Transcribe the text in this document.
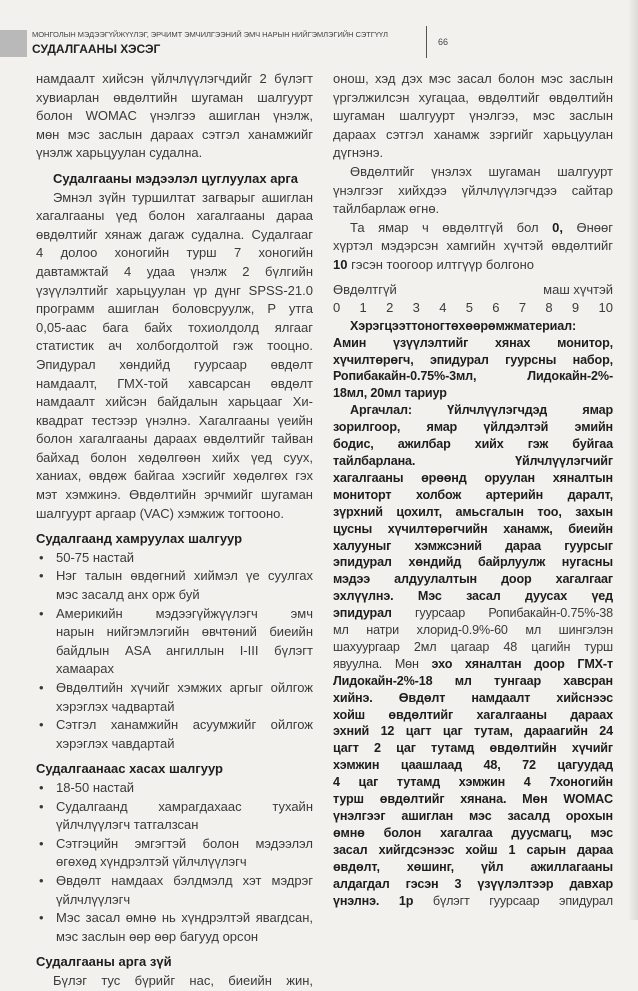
МОНГОЛЫН МЭДЭЭГҮЙЖҮҮЛЭГ, ЭРЧИМТ ЭМЧИЛГЭЭНИЙ ЭМЧ НАРЫН НИЙГЭМЛЭГИЙН СЭТГҮҮЛ
СУДАЛГААНЫ ХЭСЭГ	66
намдаалт хийсэн үйлчлүүлэгчдийг 2 бүлэгт
хувиарлан өвдөлтийн шугаман шалгуурт
болон WOMAC үнэлгээ ашиглан үнэлж,
мөн мэс заслын дараах сэтгэл ханамжийг
үнэлж харьцуулан судална.
Судалгааны мэдээлэл цуглуулах арга
Эмнэл зүйн туршилтат загварыг ашиглан
хагалгааны үед болон хагалгааны дараа
өвдөлтийг хянаж дагаж судална. Судалгааг
4 долоо хоногийн турш 7 хоногийн
давтамжтай 4 удаа үнэлж 2 бүлгийн
үзүүлэлтийг харьцуулан үр дүнг SPSS-21.0
программ ашиглан боловсруулж, P утга
0,05-аас бага байх тохиолдолд ялгааг
статистик ач холбогдолтой гэж тооцно.
Эпидурал хөндийд гуурсаар өвдөлт
намдаалт, ГМХ-той хавсарсан өвдөлт
намдаалт хийсэн байдалын харьцааг Хи-
квадрат тестээр үнэлнэ. Хагалгааны үеийн
болон хагалгааны дараах өвдөлтийг тайван
байхад болон хөдөлгөөн хийх үед суух,
ханиах, өвдөж байгаа хэсгийг хөдөлгөх гэх
мэт хэмжинэ. Өвдөлтийн эрчмийг шугаман
шалгуурт аргаар (VAC) хэмжиж тогтооно.
Судалгаанд хамруулах шалгуур
• 50-75 настай
• Нэг талын өвдөгний хиймэл үе суулгах
мэс засалд анх орж буй
• Америкийн мэдээгүйжүүлэгч эмч
нарын нийгэмлэгийн өвчтөний биеийн
байдлын ASA ангиллын I-III бүлэгт
хамаарах
• Өвдөлтийн хүчийг хэмжих аргыг ойлгож
хэрэглэх чадвартай
• Сэтгэл ханамжийн асуумжийг ойлгож
хэрэглэх чавдартай
Судалгаанаас хасах шалгуур
• 18-50 настай
• Судалгаанд хамрагдахаас тухайн
үйлчлүүлэгч татгалзсан
• Сэтгэцийн эмгэгтэй болон мэдээлэл
өгөхөд хүндрэлтэй үйлчлүүлэгч
• Өвдөлт намдаах бэлдмэлд хэт мэдрэг
үйлчлүүлэгч
• Мэс засал өмнө нь хүндрэлтэй явагдсан,
мэс заслын өөр өөр багууд орсон
Судалгааны арга зүй
Бүлэг тус бүрийг нас, биеийн жин,
онош, хэд дэх мэс засал болон мэс заслын
үргэлжилсэн хугацаа, өвдөлтийг өвдөлтийн
шугаман шалгуурт үнэлгээ, мэс заслын
дараах сэтгэл ханамж зэргийг харьцуулан
дүгнэнэ.
Өвдөлтийг үнэлэх шугаман шалгуурт
үнэлгээг хийхдээ үйлчлүүлэгчдээ сайтар
тайлбарлаж өгнө.
Та ямар ч өвдөлтгүй бол 0, Өнөөг
хүртэл мэдэрсэн хамгийн хүчтэй өвдөлтийг
10 гэсэн тоогоор илтгүүр болгоно
Өвдөлтгүй	маш хүчтэй
0 1 2 3 4 5 6 7 8 9 10
Хэрэгцээттоногтөхөөрөмжматериал:
Амин үзүүлэлтийг хянах монитор,
хүчилтөрөгч, эпидурал гуурсны набор,
Ропибакайн-0.75%-3мл, Лидокайн-2%-
18мл, 20мл тариур
Аргачлал: Үйлчлүүлэгчдэд ямар
зорилгоор, ямар үйлдэлтэй эмийн
бодис, ажилбар хийх гэж буйгаа
тайлбарлана. Үйлчлүүлэгчийг
хагалгааны өрөөнд оруулан хяналтын
мониторт холбож артерийн даралт,
зүрхний цохилт, амьсгалын тоо, захын
цусны хүчилтөрөгчийн ханамж, биеийн
халууныг хэмжсэний дараа гуурсыг
эпидурал хөндийд байрлуулж нугасны
мэдээ алдуулалтын доор хагалгааг
эхлүүлнэ. Мэс засал дуусах үед
эпидурал гуурсаар Ропибакайн-0.75%-38
мл натри хлорид-0.9%-60 мл шингэлэн
шахуургаар 2мл цагаар 48 цагийн турш
явуулна. Мөн эхо хяналтан доор ГМХ-т
Лидокайн-2%-18 мл тунгаар хавсран
хийнэ. Өвдөлт намдаалт хийснээс
хойш өвдөлтийг хагалгааны дараах
эхний 12 цагт цаг тутам, дараагийн 24
цагт 2 цаг тутамд өвдөлтийн хүчийг
хэмжин цаашлаад 48, 72 цагуудад
4 цаг тутамд хэмжин 4 7хоногийн
турш өвдөлтийг хянана. Мөн WOMAC
үнэлгээг ашиглан мэс засалд орохын
өмнө болон хагалгаа дуусмагц, мэс
засал хийгдсэнээс хойш 1 сарын дараа
өвдөлт, хөшинг, үйл ажиллагааны
алдагдал гэсэн 3 үзүүлэлтээр давхар
үнэлнэ. 1р бүлэгт гуурсаар эпидурал
